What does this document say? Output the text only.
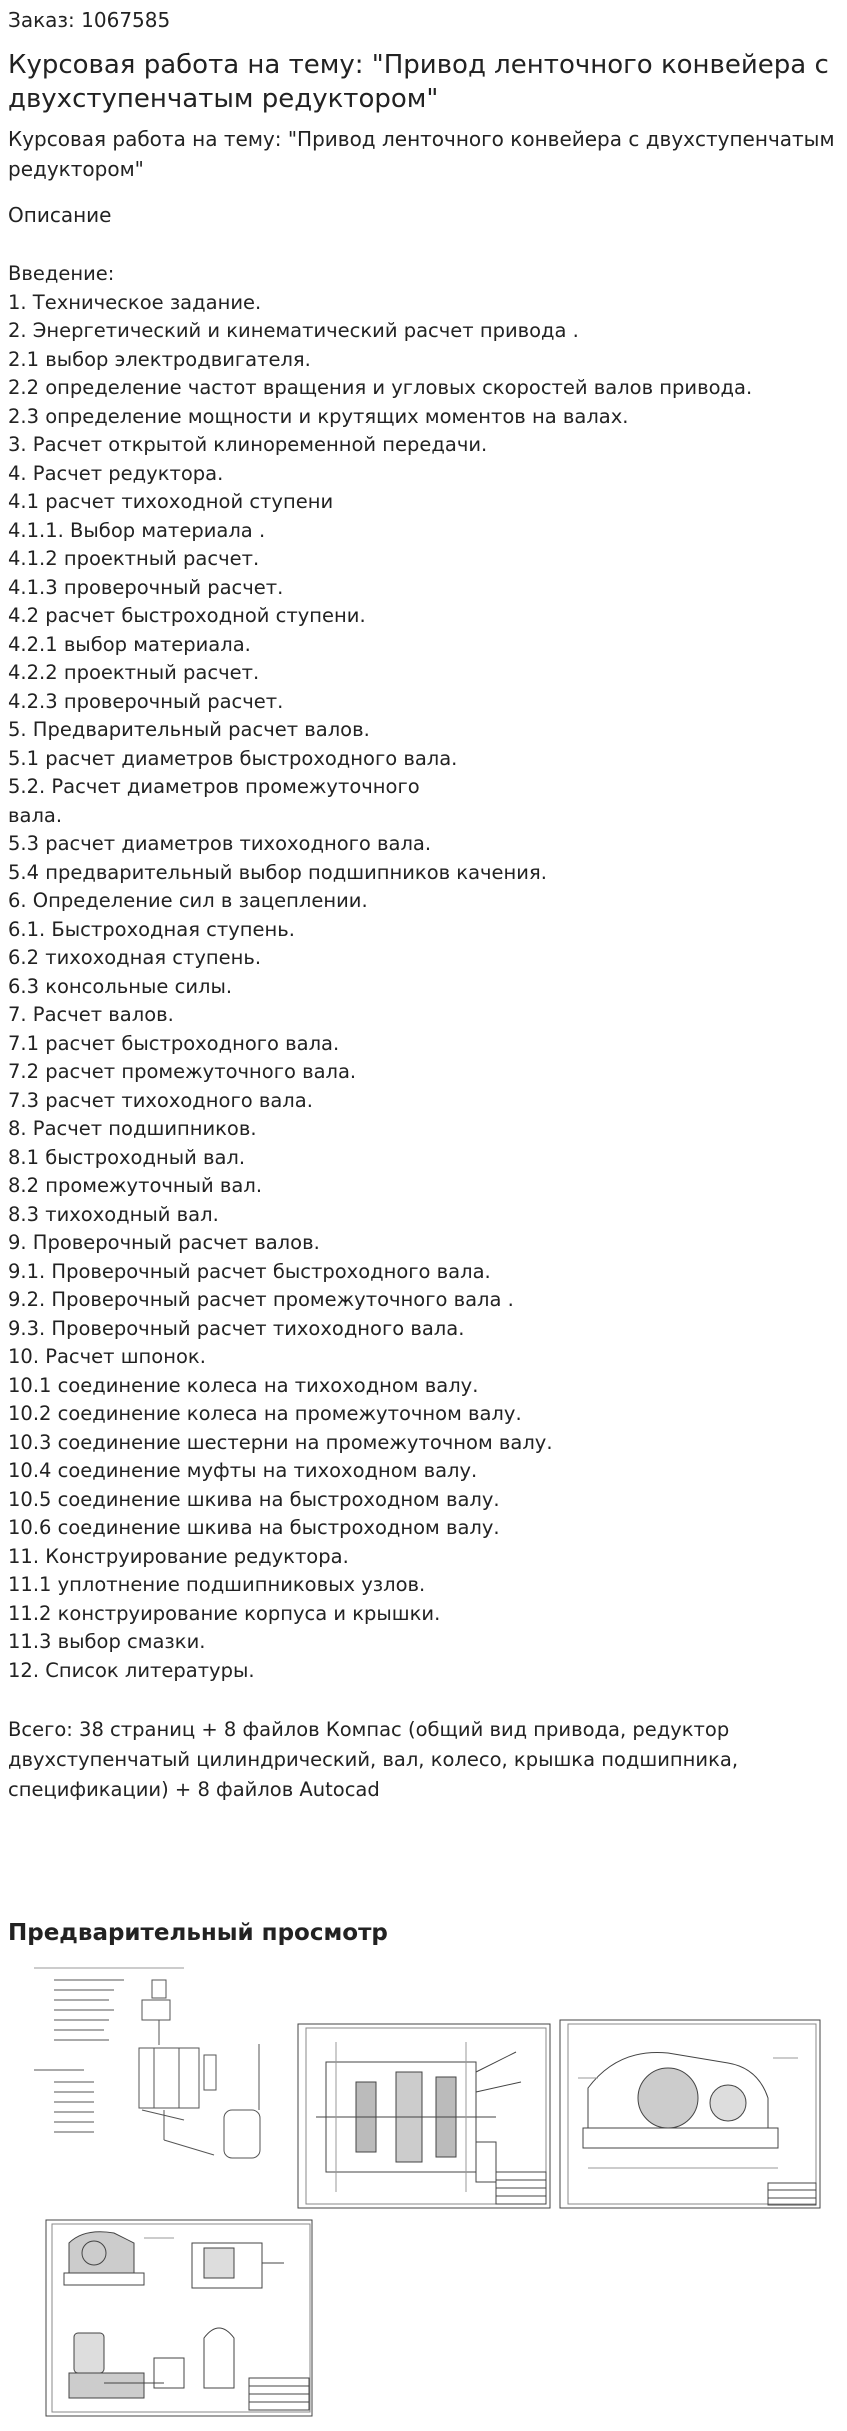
Заказ: 1067585

Курсовая работа на тему: "Привод ленточного конвейера с двухступенчатым редуктором"

Курсовая работа на тему: "Привод ленточного конвейера с двухступенчатым редуктором"

Описание

Введение:
1. Техническое задание.
2. Энергетический и кинематический расчет привода .
2.1 выбор электродвигателя.
2.2 определение частот вращения и угловых скоростей валов привода.
2.3 определение мощности и крутящих моментов на валах.
3. Расчет открытой клиноременной передачи.
4. Расчет редуктора.
4.1 расчет тихоходной ступени
4.1.1. Выбор материала .
4.1.2 проектный расчет.
4.1.3 проверочный расчет.
4.2 расчет быстроходной ступени.
4.2.1 выбор материала.
4.2.2 проектный расчет.
4.2.3 проверочный расчет.
5. Предварительный расчет валов.
5.1 расчет диаметров быстроходного вала.
5.2. Расчет диаметров промежуточного
вала.
5.3 расчет диаметров тихоходного вала.
5.4 предварительный выбор подшипников качения.
6. Определение сил в зацеплении.
6.1. Быстроходная ступень.
6.2 тихоходная ступень.
6.3 консольные силы.
7. Расчет валов.
7.1 расчет быстроходного вала.
7.2 расчет промежуточного вала.
7.3 расчет тихоходного вала.
8. Расчет подшипников.
8.1 быстроходный вал.
8.2 промежуточный вал.
8.3 тихоходный вал.
9. Проверочный расчет валов.
9.1. Проверочный расчет быстроходного вала.
9.2. Проверочный расчет промежуточного вала .
9.3. Проверочный расчет тихоходного вала.
10. Расчет шпонок.
10.1 соединение колеса на тихоходном валу.
10.2 соединение колеса на промежуточном валу.
10.3 соединение шестерни на промежуточном валу.
10.4 соединение муфты на тихоходном валу.
10.5 соединение шкива на быстроходном валу.
10.6 соединение шкива на быстроходном валу.
11. Конструирование редуктора.
11.1 уплотнение подшипниковых узлов.
11.2 конструирование корпуса и крышки.
11.3 выбор смазки.
12. Список литературы.

Всего: 38 страниц + 8 файлов Компас (общий вид привода, редуктор двухступенчатый цилиндрический, вал, колесо, крышка подшипника, спецификации) + 8 файлов Autocad

Предварительный просмотр
